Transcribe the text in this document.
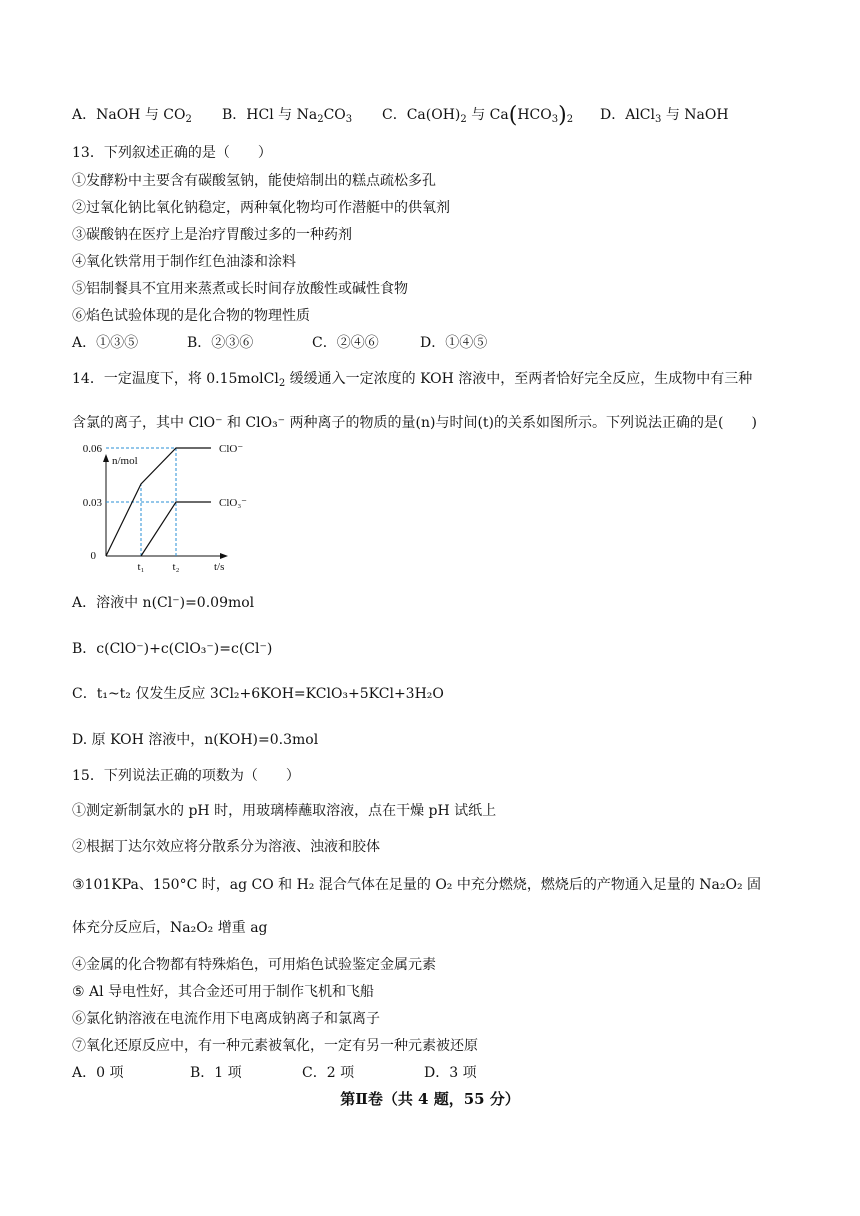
A．NaOH 与 $CO_2$ B．HCl 与 $Na_2CO_3$ C．$Ca(OH)_2$ 与 $Ca(HCO_3)_2$ D．AlCl$_3$ 与 NaOH
13．下列叙述正确的是（　　）
①发酵粉中主要含有碳酸氢钠，能使焙制出的糕点疏松多孔
②过氧化钠比氧化钠稳定，两种氧化物均可作潜艇中的供氧剂
③碳酸钠在医疗上是治疗胃酸过多的一种药剂
④氧化铁常用于制作红色油漆和涂料
⑤铝制餐具不宜用来蒸煮或长时间存放酸性或碱性食物
⑥焰色试验体现的是化合物的物理性质
A．①③⑤	B．②③⑥	C．②④⑥	D．①④⑤
14．一定温度下，将 0.15molCl$_2$ 缓缓通入一定浓度的 KOH 溶液中，至两者恰好完全反应，生成物中有三种
含氯的离子，其中 ClO⁻ 和 ClO₃⁻ 两种离子的物质的量(n)与时间(t)的关系如图所示。下列说法正确的是(　　)
n/mol
t/s
0
0.06
0.03
t₁	t₂
ClO⁻
ClO₃⁻
A．溶液中 n(Cl⁻)=0.09mol
B．c(ClO⁻)+c(ClO₃⁻)=c(Cl⁻)
C．t₁~t₂ 仅发生反应 3Cl₂+6KOH=KClO₃+5KCl+3H₂O
D. 原 KOH 溶液中，n(KOH)=0.3mol
15．下列说法正确的项数为（　　）
①测定新制氯水的 pH 时，用玻璃棒蘸取溶液，点在干燥 pH 试纸上
②根据丁达尔效应将分散系分为溶液、浊液和胶体
③101KPa、150°C 时，ag CO 和 H₂ 混合气体在足量的 O₂ 中充分燃烧，燃烧后的产物通入足量的 Na₂O₂ 固
体充分反应后，Na₂O₂ 增重 ag
④金属的化合物都有特殊焰色，可用焰色试验鉴定金属元素
⑤ Al 导电性好，其合金还可用于制作飞机和飞船
⑥氯化钠溶液在电流作用下电离成钠离子和氯离子
⑦氧化还原反应中，有一种元素被氧化，一定有另一种元素被还原
A．0 项	B．1 项	C．2 项	D．3 项
第Ⅱ卷（共 4 题，55 分）
